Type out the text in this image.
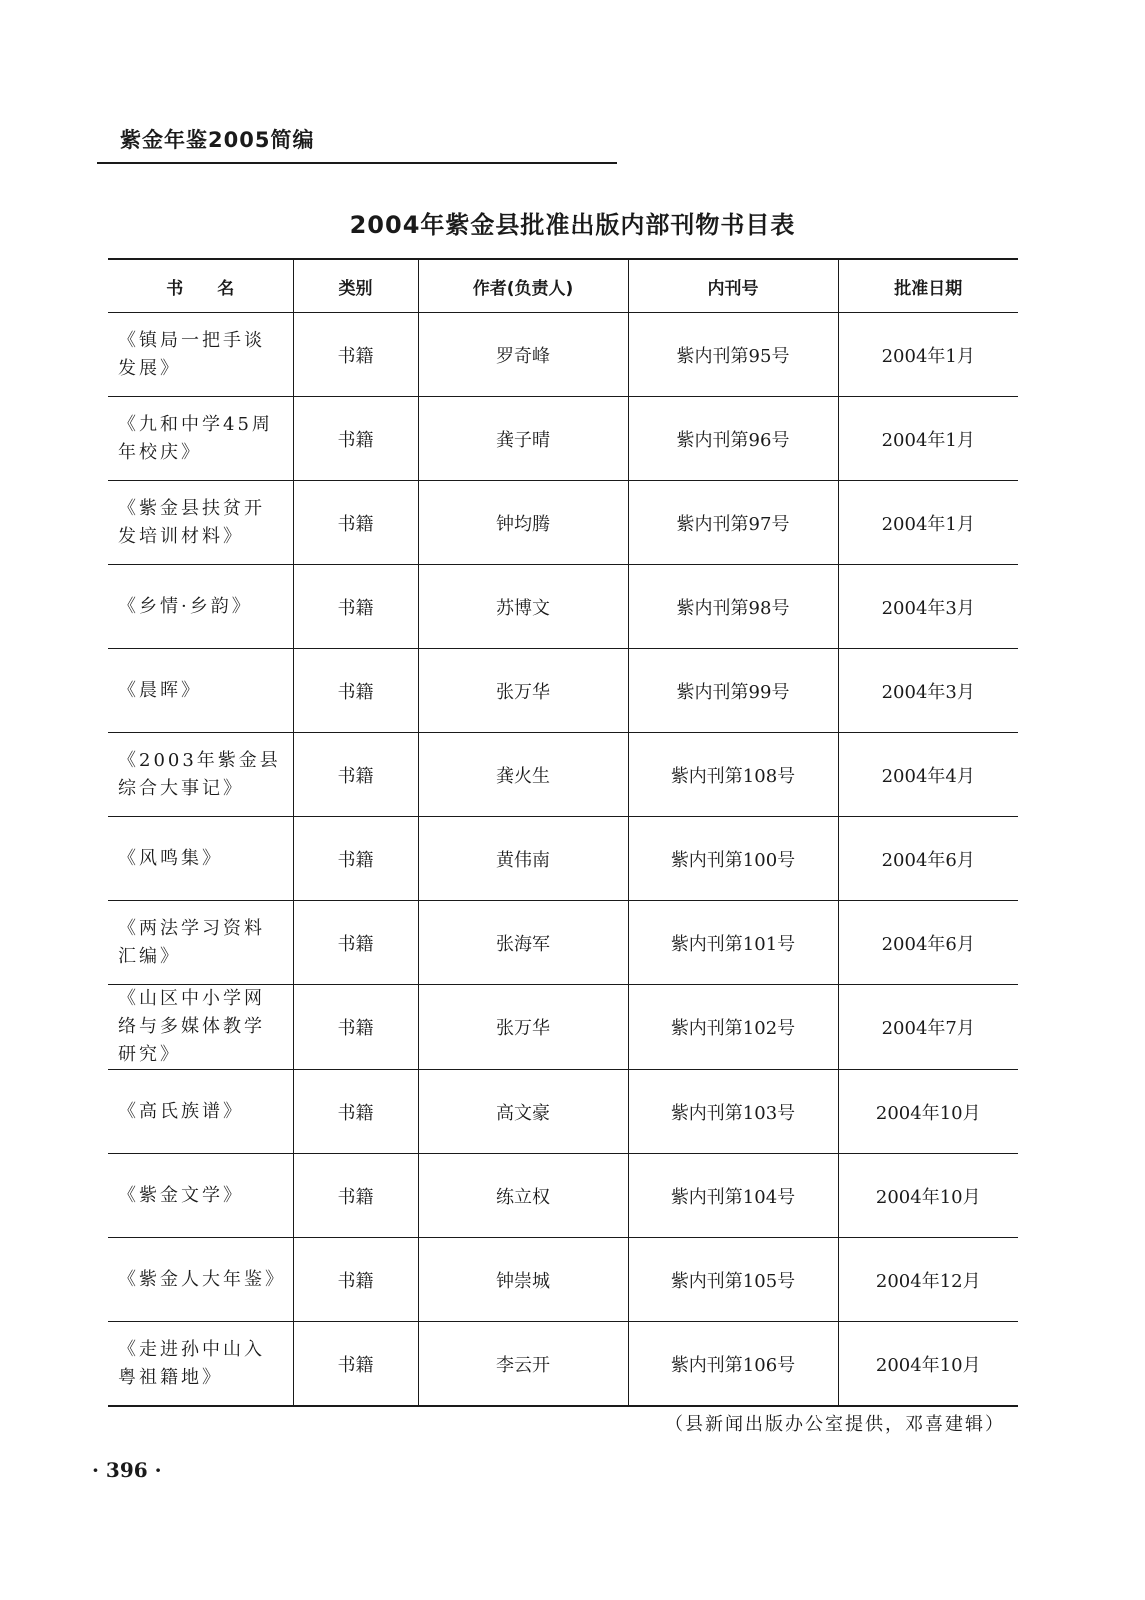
紫金年鉴2005简编
2004年紫金县批准出版内部刊物书目表
书　　名	类别	作者(负责人)	内刊号	批准日期
《镇局一把手谈发展》	书籍	罗奇峰	紫内刊第95号	2004年1月
《九和中学45周年校庆》	书籍	龚子晴	紫内刊第96号	2004年1月
《紫金县扶贫开发培训材料》	书籍	钟均腾	紫内刊第97号	2004年1月
《乡情·乡韵》	书籍	苏博文	紫内刊第98号	2004年3月
《晨晖》	书籍	张万华	紫内刊第99号	2004年3月
《2003年紫金县综合大事记》	书籍	龚火生	紫内刊第108号	2004年4月
《风鸣集》	书籍	黄伟南	紫内刊第100号	2004年6月
《两法学习资料汇编》	书籍	张海军	紫内刊第101号	2004年6月
《山区中小学网络与多媒体教学研究》	书籍	张万华	紫内刊第102号	2004年7月
《高氏族谱》	书籍	高文豪	紫内刊第103号	2004年10月
《紫金文学》	书籍	练立权	紫内刊第104号	2004年10月
《紫金人大年鉴》	书籍	钟崇城	紫内刊第105号	2004年12月
《走进孙中山入粤祖籍地》	书籍	李云开	紫内刊第106号	2004年10月
（县新闻出版办公室提供，邓喜建辑）
· 396 ·
